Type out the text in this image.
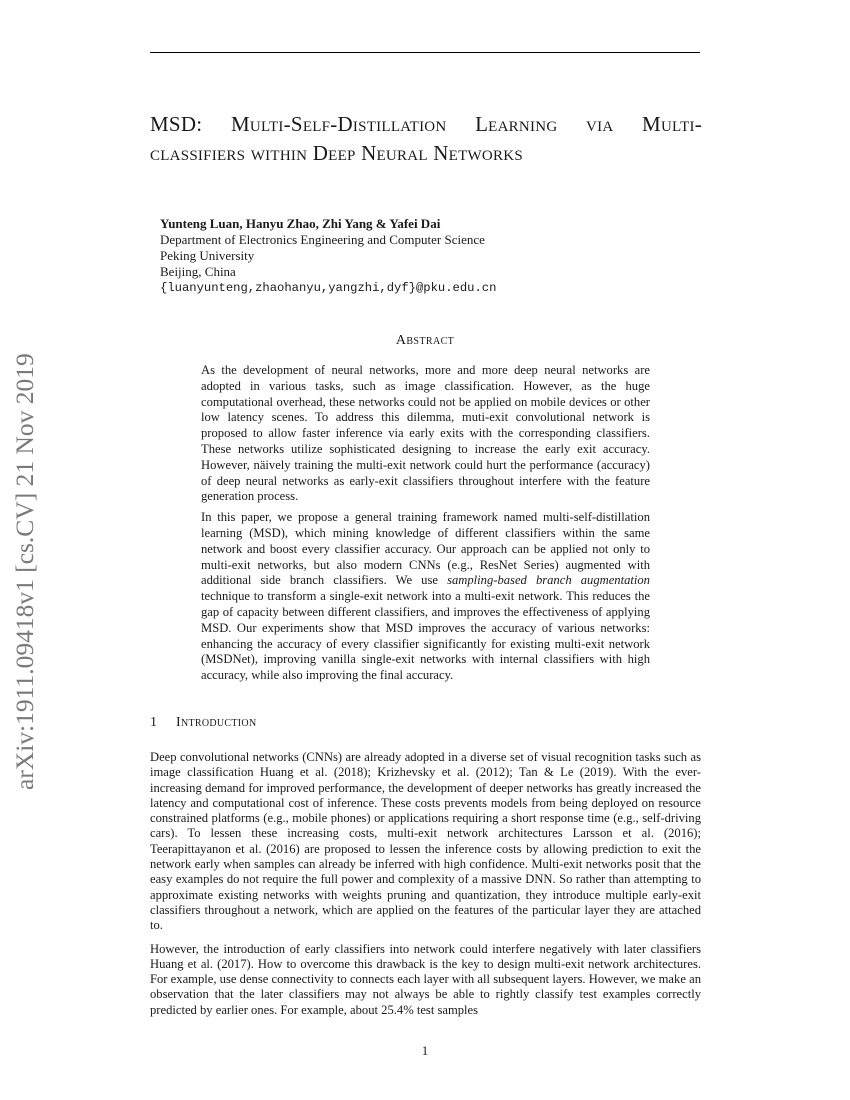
arXiv:1911.09418v1 [cs.CV] 21 Nov 2019
MSD: Multi-Self-Distillation Learning via Multi-classifiers within Deep Neural Networks
Yunteng Luan, Hanyu Zhao, Zhi Yang & Yafei Dai
Department of Electronics Engineering and Computer Science
Peking University
Beijing, China
{luanyunteng,zhaohanyu,yangzhi,dyf}@pku.edu.cn
Abstract

As the development of neural networks, more and more deep neural networks are adopted in various tasks, such as image classification. However, as the huge computational overhead, these networks could not be applied on mobile devices or other low latency scenes. To address this dilemma, muti-exit convolutional network is proposed to allow faster inference via early exits with the corresponding classifiers. These networks utilize sophisticated designing to increase the early exit accuracy. However, näively training the multi-exit network could hurt the performance (accuracy) of deep neural networks as early-exit classifiers throughout interfere with the feature generation process.

In this paper, we propose a general training framework named multi-self-distillation learning (MSD), which mining knowledge of different classifiers within the same network and boost every classifier accuracy. Our approach can be applied not only to multi-exit networks, but also modern CNNs (e.g., ResNet Series) augmented with additional side branch classifiers. We use sampling-based branch augmentation technique to transform a single-exit network into a multi-exit network. This reduces the gap of capacity between different classifiers, and improves the effectiveness of applying MSD. Our experiments show that MSD improves the accuracy of various networks: enhancing the accuracy of every classifier significantly for existing multi-exit network (MSDNet), improving vanilla single-exit networks with internal classifiers with high accuracy, while also improving the final accuracy.

1 Introduction

Deep convolutional networks (CNNs) are already adopted in a diverse set of visual recognition tasks such as image classification Huang et al. (2018); Krizhevsky et al. (2012); Tan & Le (2019). With the ever-increasing demand for improved performance, the development of deeper networks has greatly increased the latency and computational cost of inference. These costs prevents models from being deployed on resource constrained platforms (e.g., mobile phones) or applications requiring a short response time (e.g., self-driving cars). To lessen these increasing costs, multi-exit network architectures Larsson et al. (2016); Teerapittayanon et al. (2016) are proposed to lessen the inference costs by allowing prediction to exit the network early when samples can already be inferred with high confidence. Multi-exit networks posit that the easy examples do not require the full power and complexity of a massive DNN. So rather than attempting to approximate existing networks with weights pruning and quantization, they introduce multiple early-exit classifiers throughout a network, which are applied on the features of the particular layer they are attached to.

However, the introduction of early classifiers into network could interfere negatively with later classifiers Huang et al. (2017). How to overcome this drawback is the key to design multi-exit network architectures. For example, use dense connectivity to connects each layer with all subsequent layers. However, we make an observation that the later classifiers may not always be able to rightly classify test examples correctly predicted by earlier ones. For example, about 25.4% test samples

1
